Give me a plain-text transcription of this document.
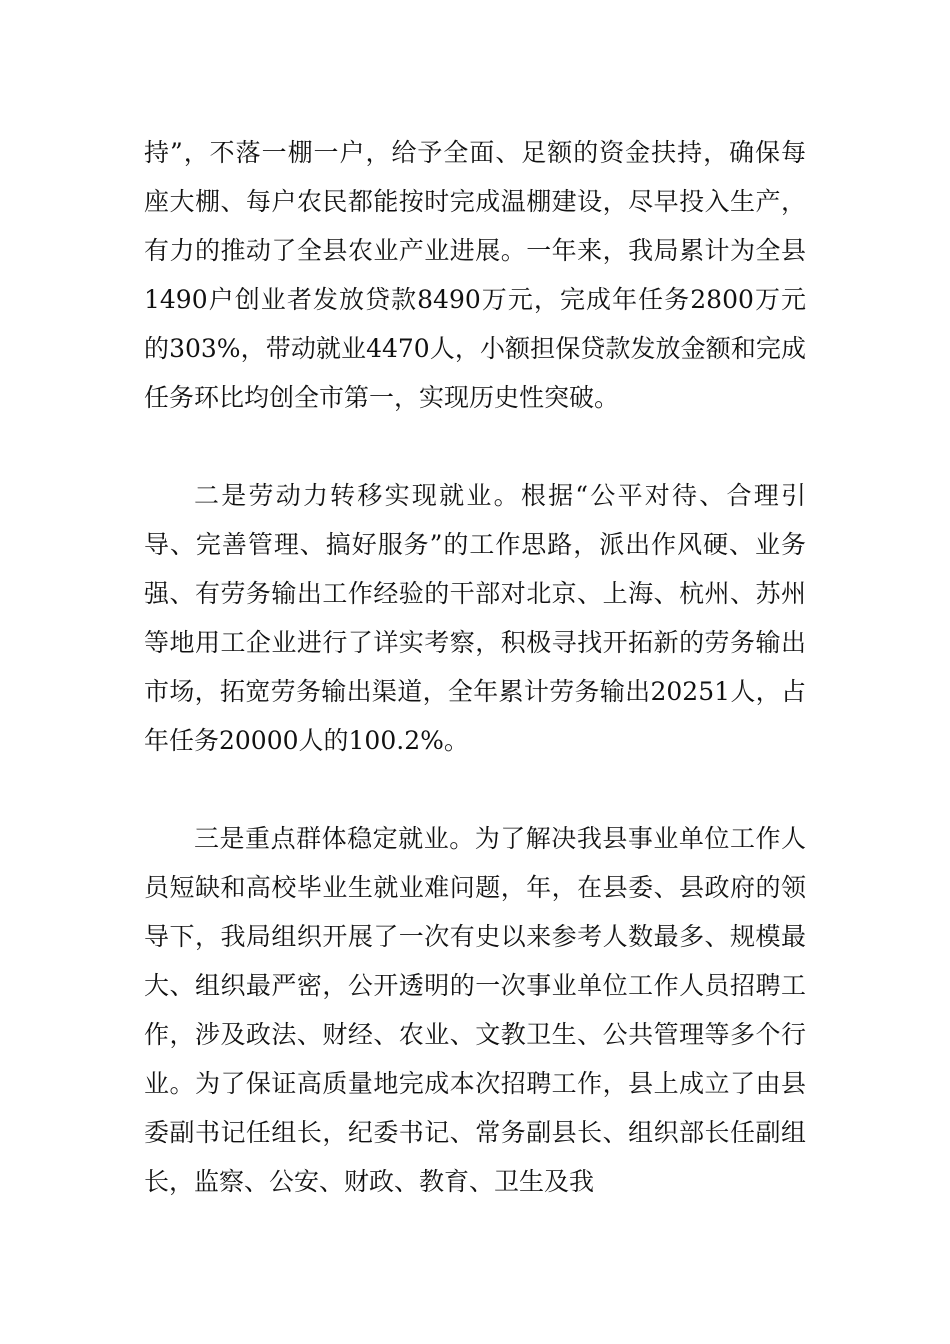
持”，不落一棚一户，给予全面、足额的资金扶持，确保每座大棚、每户农民都能按时完成温棚建设，尽早投入生产，有力的推动了全县农业产业进展。一年来，我局累计为全县1490户创业者发放贷款8490万元，完成年任务2800万元的303%，带动就业4470人，小额担保贷款发放金额和完成任务环比均创全市第一，实现历史性突破。

二是劳动力转移实现就业。根据“公平对待、合理引导、完善管理、搞好服务”的工作思路，派出作风硬、业务强、有劳务输出工作经验的干部对北京、上海、杭州、苏州等地用工企业进行了详实考察，积极寻找开拓新的劳务输出市场，拓宽劳务输出渠道，全年累计劳务输出20251人，占年任务20000人的100.2%。

三是重点群体稳定就业。为了解决我县事业单位工作人员短缺和高校毕业生就业难问题，年，在县委、县政府的领导下，我局组织开展了一次有史以来参考人数最多、规模最大、组织最严密，公开透明的一次事业单位工作人员招聘工作，涉及政法、财经、农业、文教卫生、公共管理等多个行业。为了保证高质量地完成本次招聘工作，县上成立了由县委副书记任组长，纪委书记、常务副县长、组织部长任副组长，监察、公安、财政、教育、卫生及我
